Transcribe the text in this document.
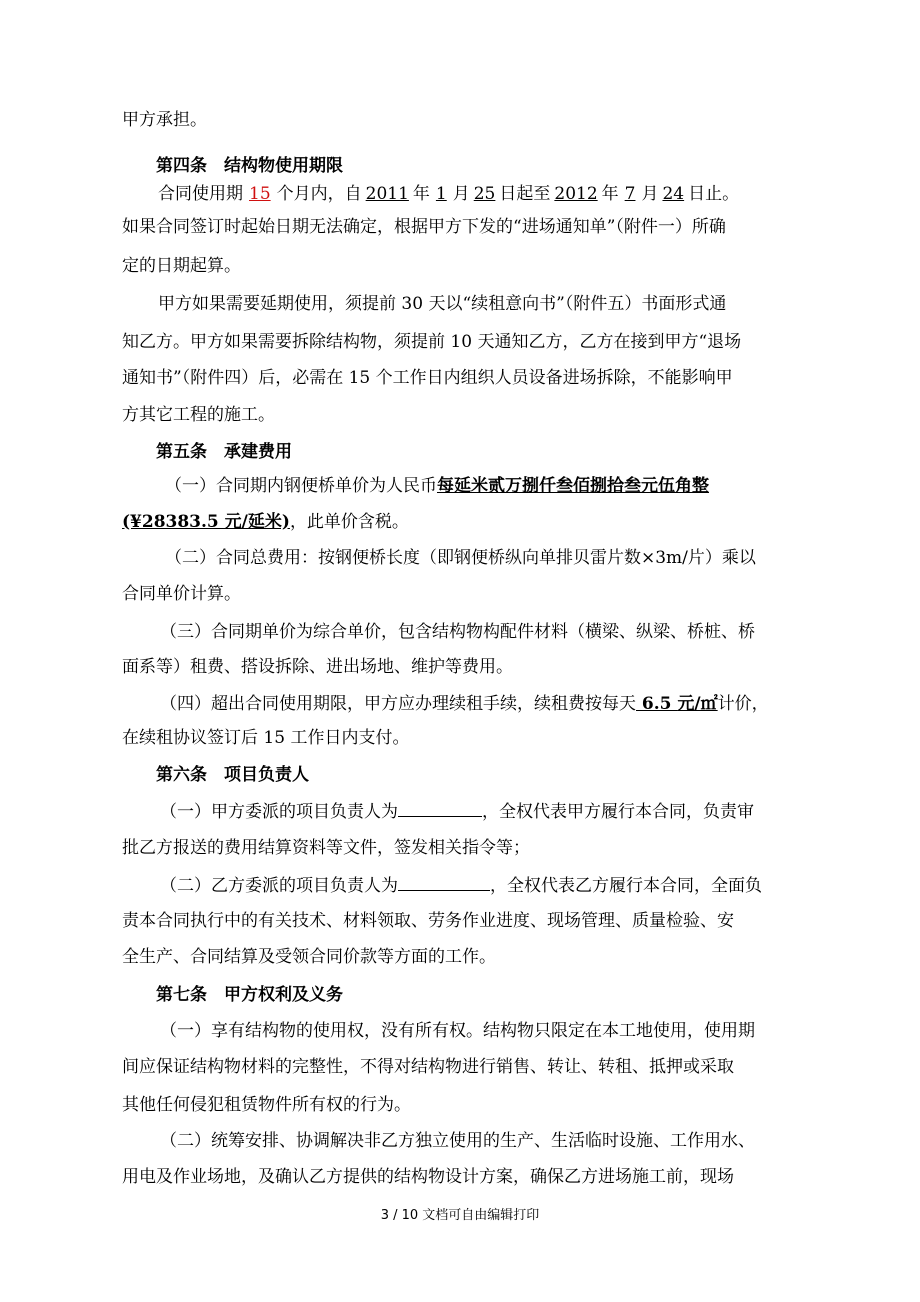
甲方承担。
第四条　结构物使用期限
合同使用期 15 个月内，自 2011 年 1 月 25 日起至 2012 年 7 月 24 日止。
如果合同签订时起始日期无法确定，根据甲方下发的“进场通知单”（附件一）所确
定的日期起算。
甲方如果需要延期使用，须提前 30 天以“续租意向书”（附件五）书面形式通
知乙方。甲方如果需要拆除结构物，须提前 10 天通知乙方，乙方在接到甲方“退场
通知书”（附件四）后，必需在 15 个工作日内组织人员设备进场拆除，不能影响甲
方其它工程的施工。
第五条　承建费用
（一）合同期内钢便桥单价为人民币每延米贰万捌仟叁佰捌拾叁元伍角整
(¥28383.5 元/延米)，此单价含税。
（二）合同总费用：按钢便桥长度（即钢便桥纵向单排贝雷片数×3m/片）乘以
合同单价计算。
（三）合同期单价为综合单价，包含结构物构配件材料（横梁、纵梁、桥桩、桥
面系等）租费、搭设拆除、进出场地、维护等费用。
（四）超出合同使用期限，甲方应办理续租手续，续租费按每天 6.5 元/㎡计价，
在续租协议签订后 15 工作日内支付。
第六条　项目负责人
（一）甲方委派的项目负责人为	，全权代表甲方履行本合同，负责审
批乙方报送的费用结算资料等文件，签发相关指令等；
（二）乙方委派的项目负责人为	，全权代表乙方履行本合同，全面负
责本合同执行中的有关技术、材料领取、劳务作业进度、现场管理、质量检验、安
全生产、合同结算及受领合同价款等方面的工作。
第七条　甲方权利及义务
（一）享有结构物的使用权，没有所有权。结构物只限定在本工地使用，使用期
间应保证结构物材料的完整性，不得对结构物进行销售、转让、转租、抵押或采取
其他任何侵犯租赁物件所有权的行为。
（二）统筹安排、协调解决非乙方独立使用的生产、生活临时设施、工作用水、
用电及作业场地，及确认乙方提供的结构物设计方案，确保乙方进场施工前，现场
3 / 10 文档可自由编辑打印
